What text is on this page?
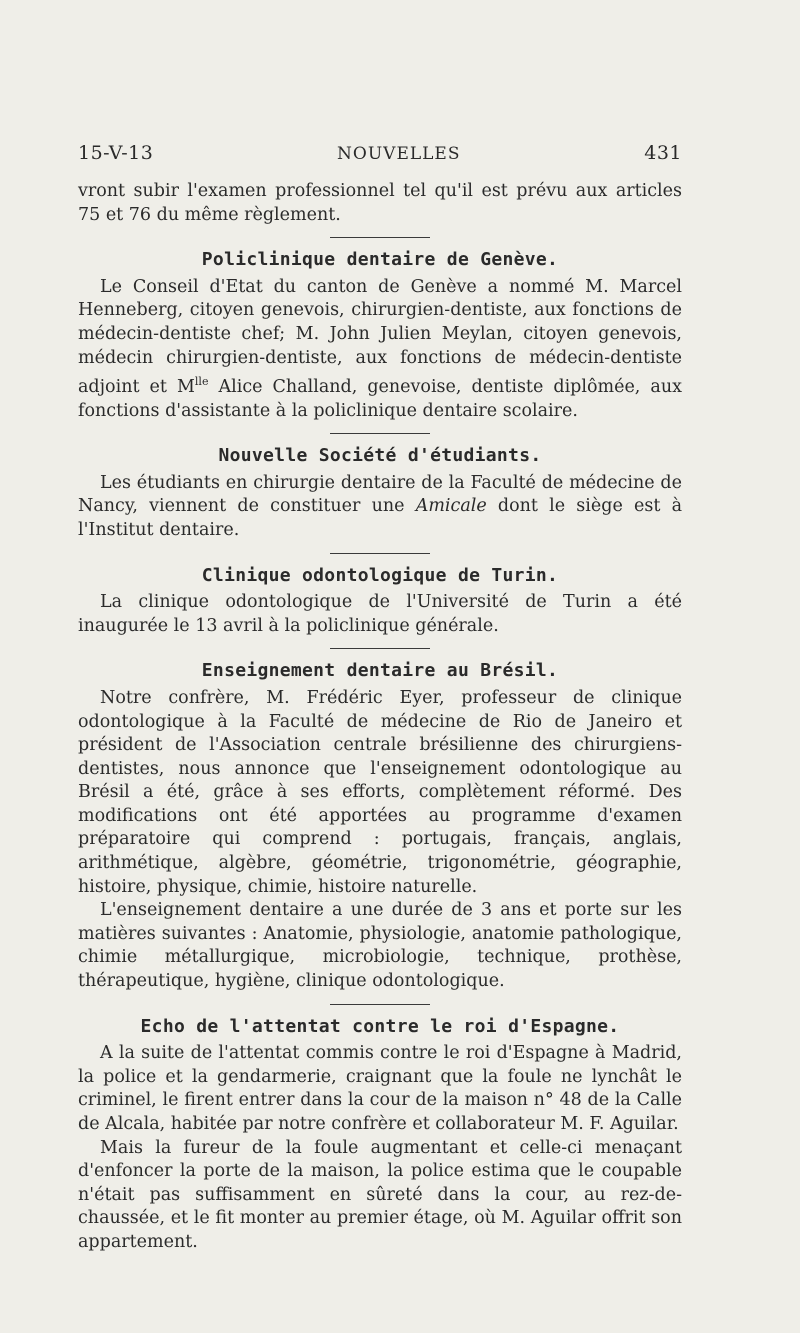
15-V-13	NOUVELLES	431

vront subir l'examen professionnel tel qu'il est prévu aux articles 75 et 76 du même règlement.

Policlinique dentaire de Genève.

Le Conseil d'Etat du canton de Genève a nommé M. Marcel Henneberg, citoyen genevois, chirurgien-dentiste, aux fonctions de médecin-dentiste chef; M. John Julien Meylan, citoyen genevois, médecin chirurgien-dentiste, aux fonctions de médecin-dentiste adjoint et $M^{lle}$ Alice Challand, genevoise, dentiste diplômée, aux fonctions d'assistante à la policlinique dentaire scolaire.

Nouvelle Société d'étudiants.

Les étudiants en chirurgie dentaire de la Faculté de médecine de Nancy, viennent de constituer une Amicale dont le siège est à l'Institut dentaire.

Clinique odontologique de Turin.

La clinique odontologique de l'Université de Turin a été inaugurée le 13 avril à la policlinique générale.

Enseignement dentaire au Brésil.

Notre confrère, M. Frédéric Eyer, professeur de clinique odontologique à la Faculté de médecine de Rio de Janeiro et président de l'Association centrale brésilienne des chirurgiens-dentistes, nous annonce que l'enseignement odontologique au Brésil a été, grâce à ses efforts, complètement réformé. Des modifications ont été apportées au programme d'examen préparatoire qui comprend : portugais, français, anglais, arithmétique, algèbre, géométrie, trigonométrie, géographie, histoire, physique, chimie, histoire naturelle.

L'enseignement dentaire a une durée de 3 ans et porte sur les matières suivantes : Anatomie, physiologie, anatomie pathologique, chimie métallurgique, microbiologie, technique, prothèse, thérapeutique, hygiène, clinique odontologique.

Echo de l'attentat contre le roi d'Espagne.

A la suite de l'attentat commis contre le roi d'Espagne à Madrid, la police et la gendarmerie, craignant que la foule ne lynchât le criminel, le firent entrer dans la cour de la maison n° 48 de la Calle de Alcala, habitée par notre confrère et collaborateur M. F. Aguilar.

Mais la fureur de la foule augmentant et celle-ci menaçant d'enfoncer la porte de la maison, la police estima que le coupable n'était pas suffisamment en sûreté dans la cour, au rez-de-chaussée, et le fit monter au premier étage, où M. Aguilar offrit son appartement.
